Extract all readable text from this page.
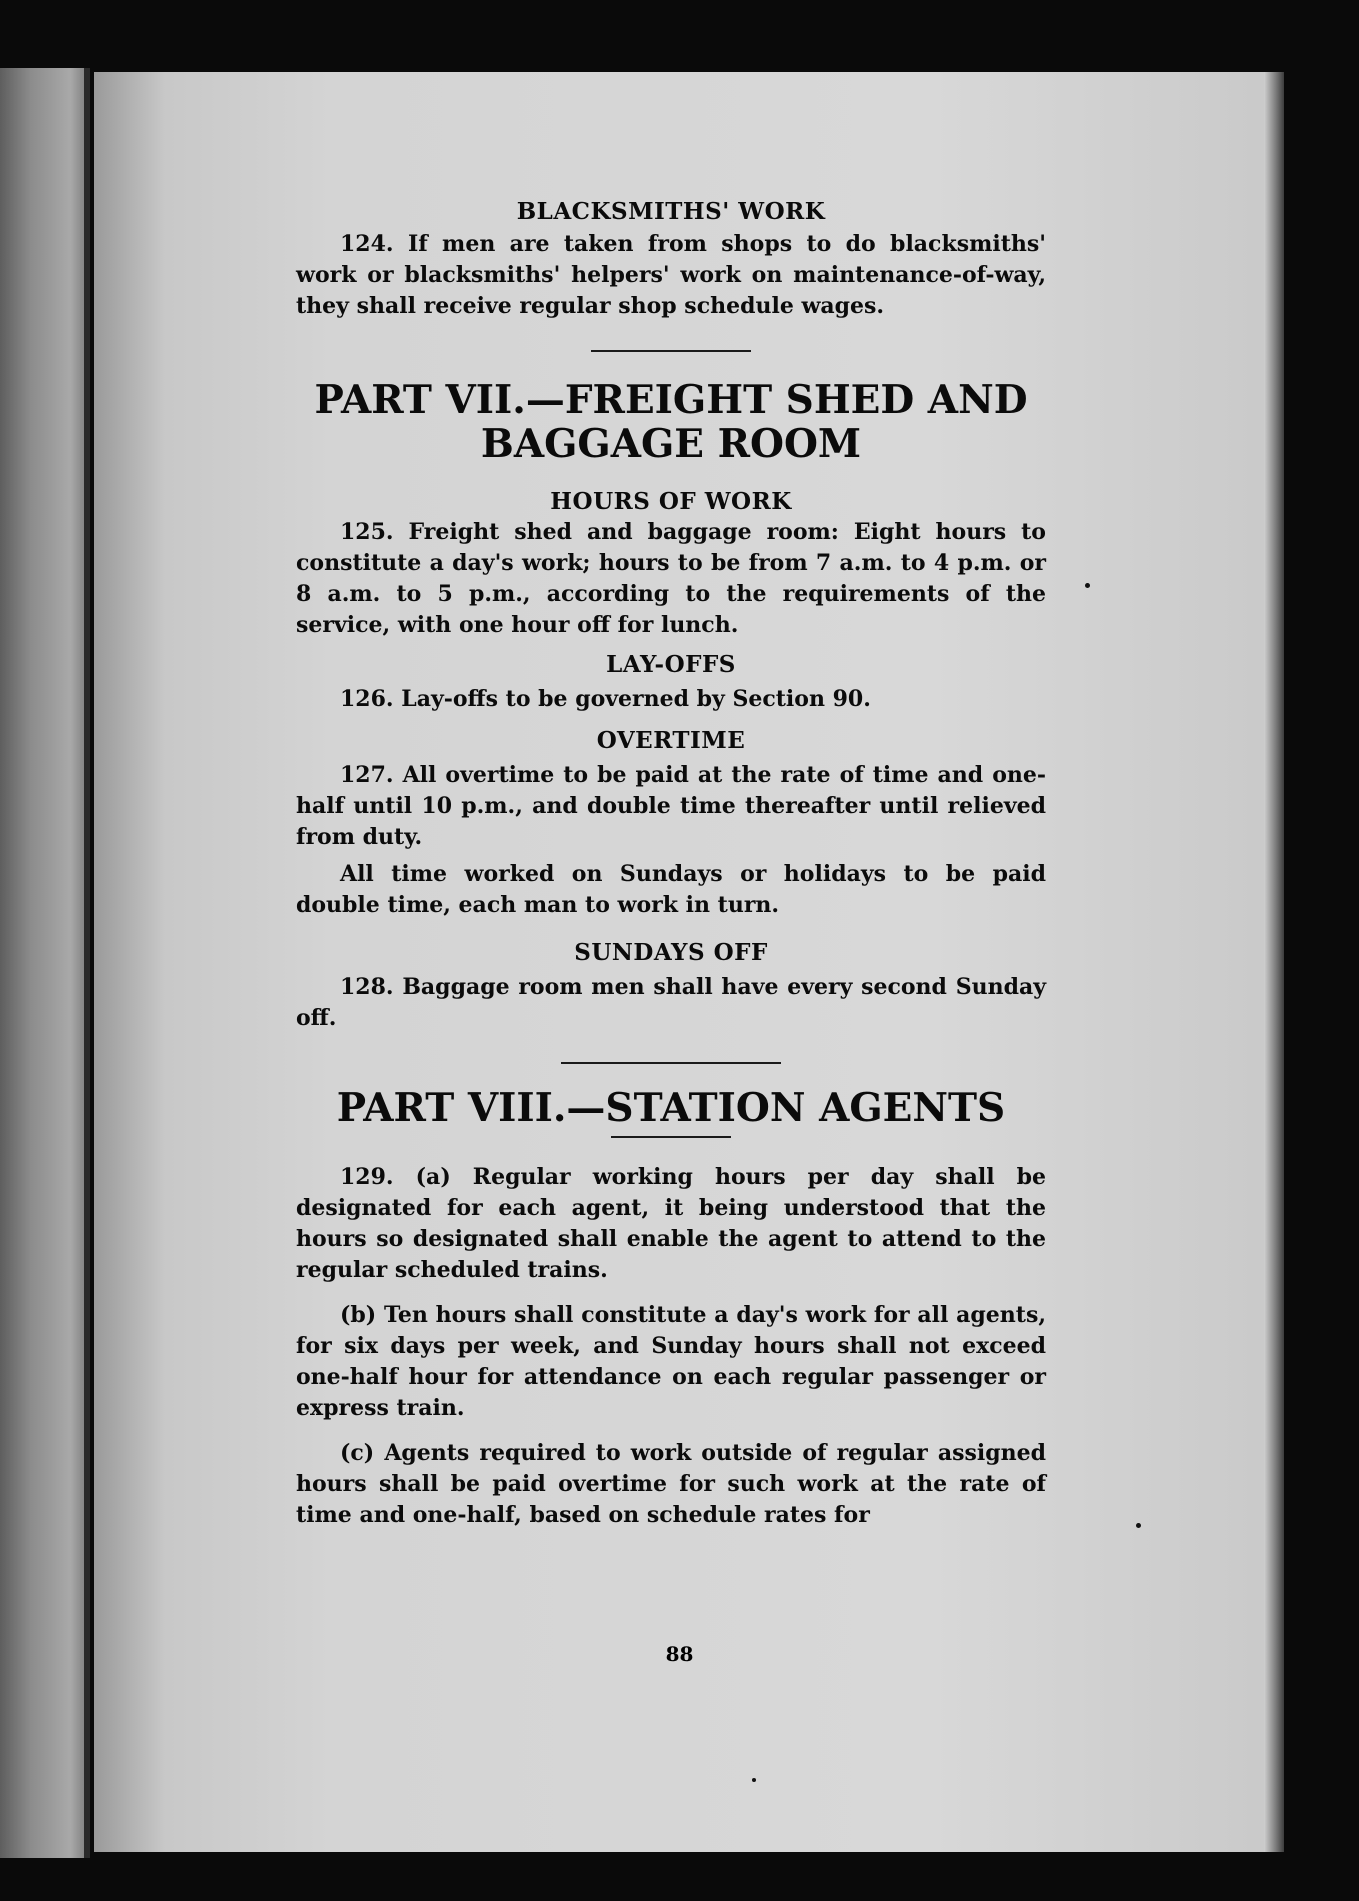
BLACKSMITHS' WORK

124. If men are taken from shops to do blacksmiths' work or blacksmiths' helpers' work on maintenance-of-way, they shall receive regular shop schedule wages.

PART VII.—FREIGHT SHED AND
BAGGAGE ROOM
HOURS OF WORK

125. Freight shed and baggage room: Eight hours to constitute a day's work; hours to be from 7 a.m. to 4 p.m. or 8 a.m. to 5 p.m., according to the requirements of the service, with one hour off for lunch.

LAY-OFFS

126. Lay-offs to be governed by Section 90.

OVERTIME

127. All overtime to be paid at the rate of time and one-half until 10 p.m., and double time thereafter until relieved from duty.

All time worked on Sundays or holidays to be paid double time, each man to work in turn.

SUNDAYS OFF

128. Baggage room men shall have every second Sunday off.

PART VIII.—STATION AGENTS

129. (a) Regular working hours per day shall be designated for each agent, it being understood that the hours so designated shall enable the agent to attend to the regular scheduled trains.

(b) Ten hours shall constitute a day's work for all agents, for six days per week, and Sunday hours shall not exceed one-half hour for attendance on each regular passenger or express train.

(c) Agents required to work outside of regular assigned hours shall be paid overtime for such work at the rate of time and one-half, based on schedule rates for

88
